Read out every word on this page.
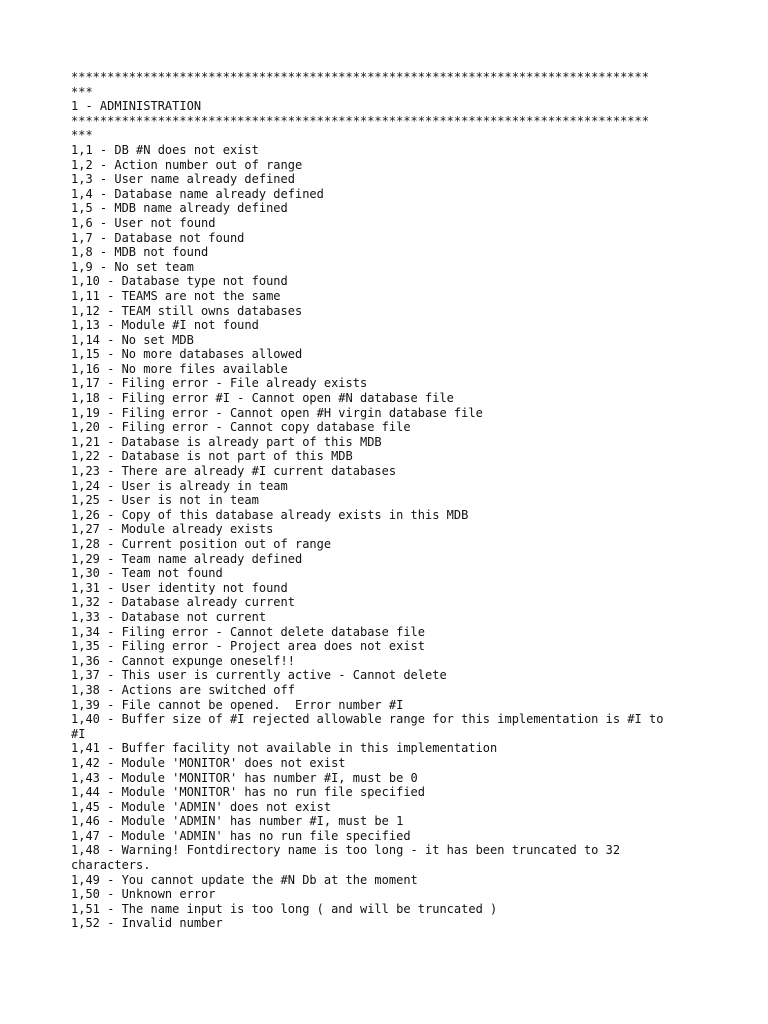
********************************************************************************
***
1 - ADMINISTRATION
********************************************************************************
***
1,1 - DB #N does not exist
1,2 - Action number out of range
1,3 - User name already defined
1,4 - Database name already defined
1,5 - MDB name already defined
1,6 - User not found
1,7 - Database not found
1,8 - MDB not found
1,9 - No set team
1,10 - Database type not found
1,11 - TEAMS are not the same
1,12 - TEAM still owns databases
1,13 - Module #I not found
1,14 - No set MDB
1,15 - No more databases allowed
1,16 - No more files available
1,17 - Filing error - File already exists
1,18 - Filing error #I - Cannot open #N database file
1,19 - Filing error - Cannot open #H virgin database file
1,20 - Filing error - Cannot copy database file
1,21 - Database is already part of this MDB
1,22 - Database is not part of this MDB
1,23 - There are already #I current databases
1,24 - User is already in team
1,25 - User is not in team
1,26 - Copy of this database already exists in this MDB
1,27 - Module already exists
1,28 - Current position out of range
1,29 - Team name already defined
1,30 - Team not found
1,31 - User identity not found
1,32 - Database already current
1,33 - Database not current
1,34 - Filing error - Cannot delete database file
1,35 - Filing error - Project area does not exist
1,36 - Cannot expunge oneself!!
1,37 - This user is currently active - Cannot delete
1,38 - Actions are switched off
1,39 - File cannot be opened.  Error number #I
1,40 - Buffer size of #I rejected allowable range for this implementation is #I to
#I
1,41 - Buffer facility not available in this implementation
1,42 - Module 'MONITOR' does not exist
1,43 - Module 'MONITOR' has number #I, must be 0
1,44 - Module 'MONITOR' has no run file specified
1,45 - Module 'ADMIN' does not exist
1,46 - Module 'ADMIN' has number #I, must be 1
1,47 - Module 'ADMIN' has no run file specified
1,48 - Warning! Fontdirectory name is too long - it has been truncated to 32
characters.
1,49 - You cannot update the #N Db at the moment
1,50 - Unknown error
1,51 - The name input is too long ( and will be truncated )
1,52 - Invalid number
